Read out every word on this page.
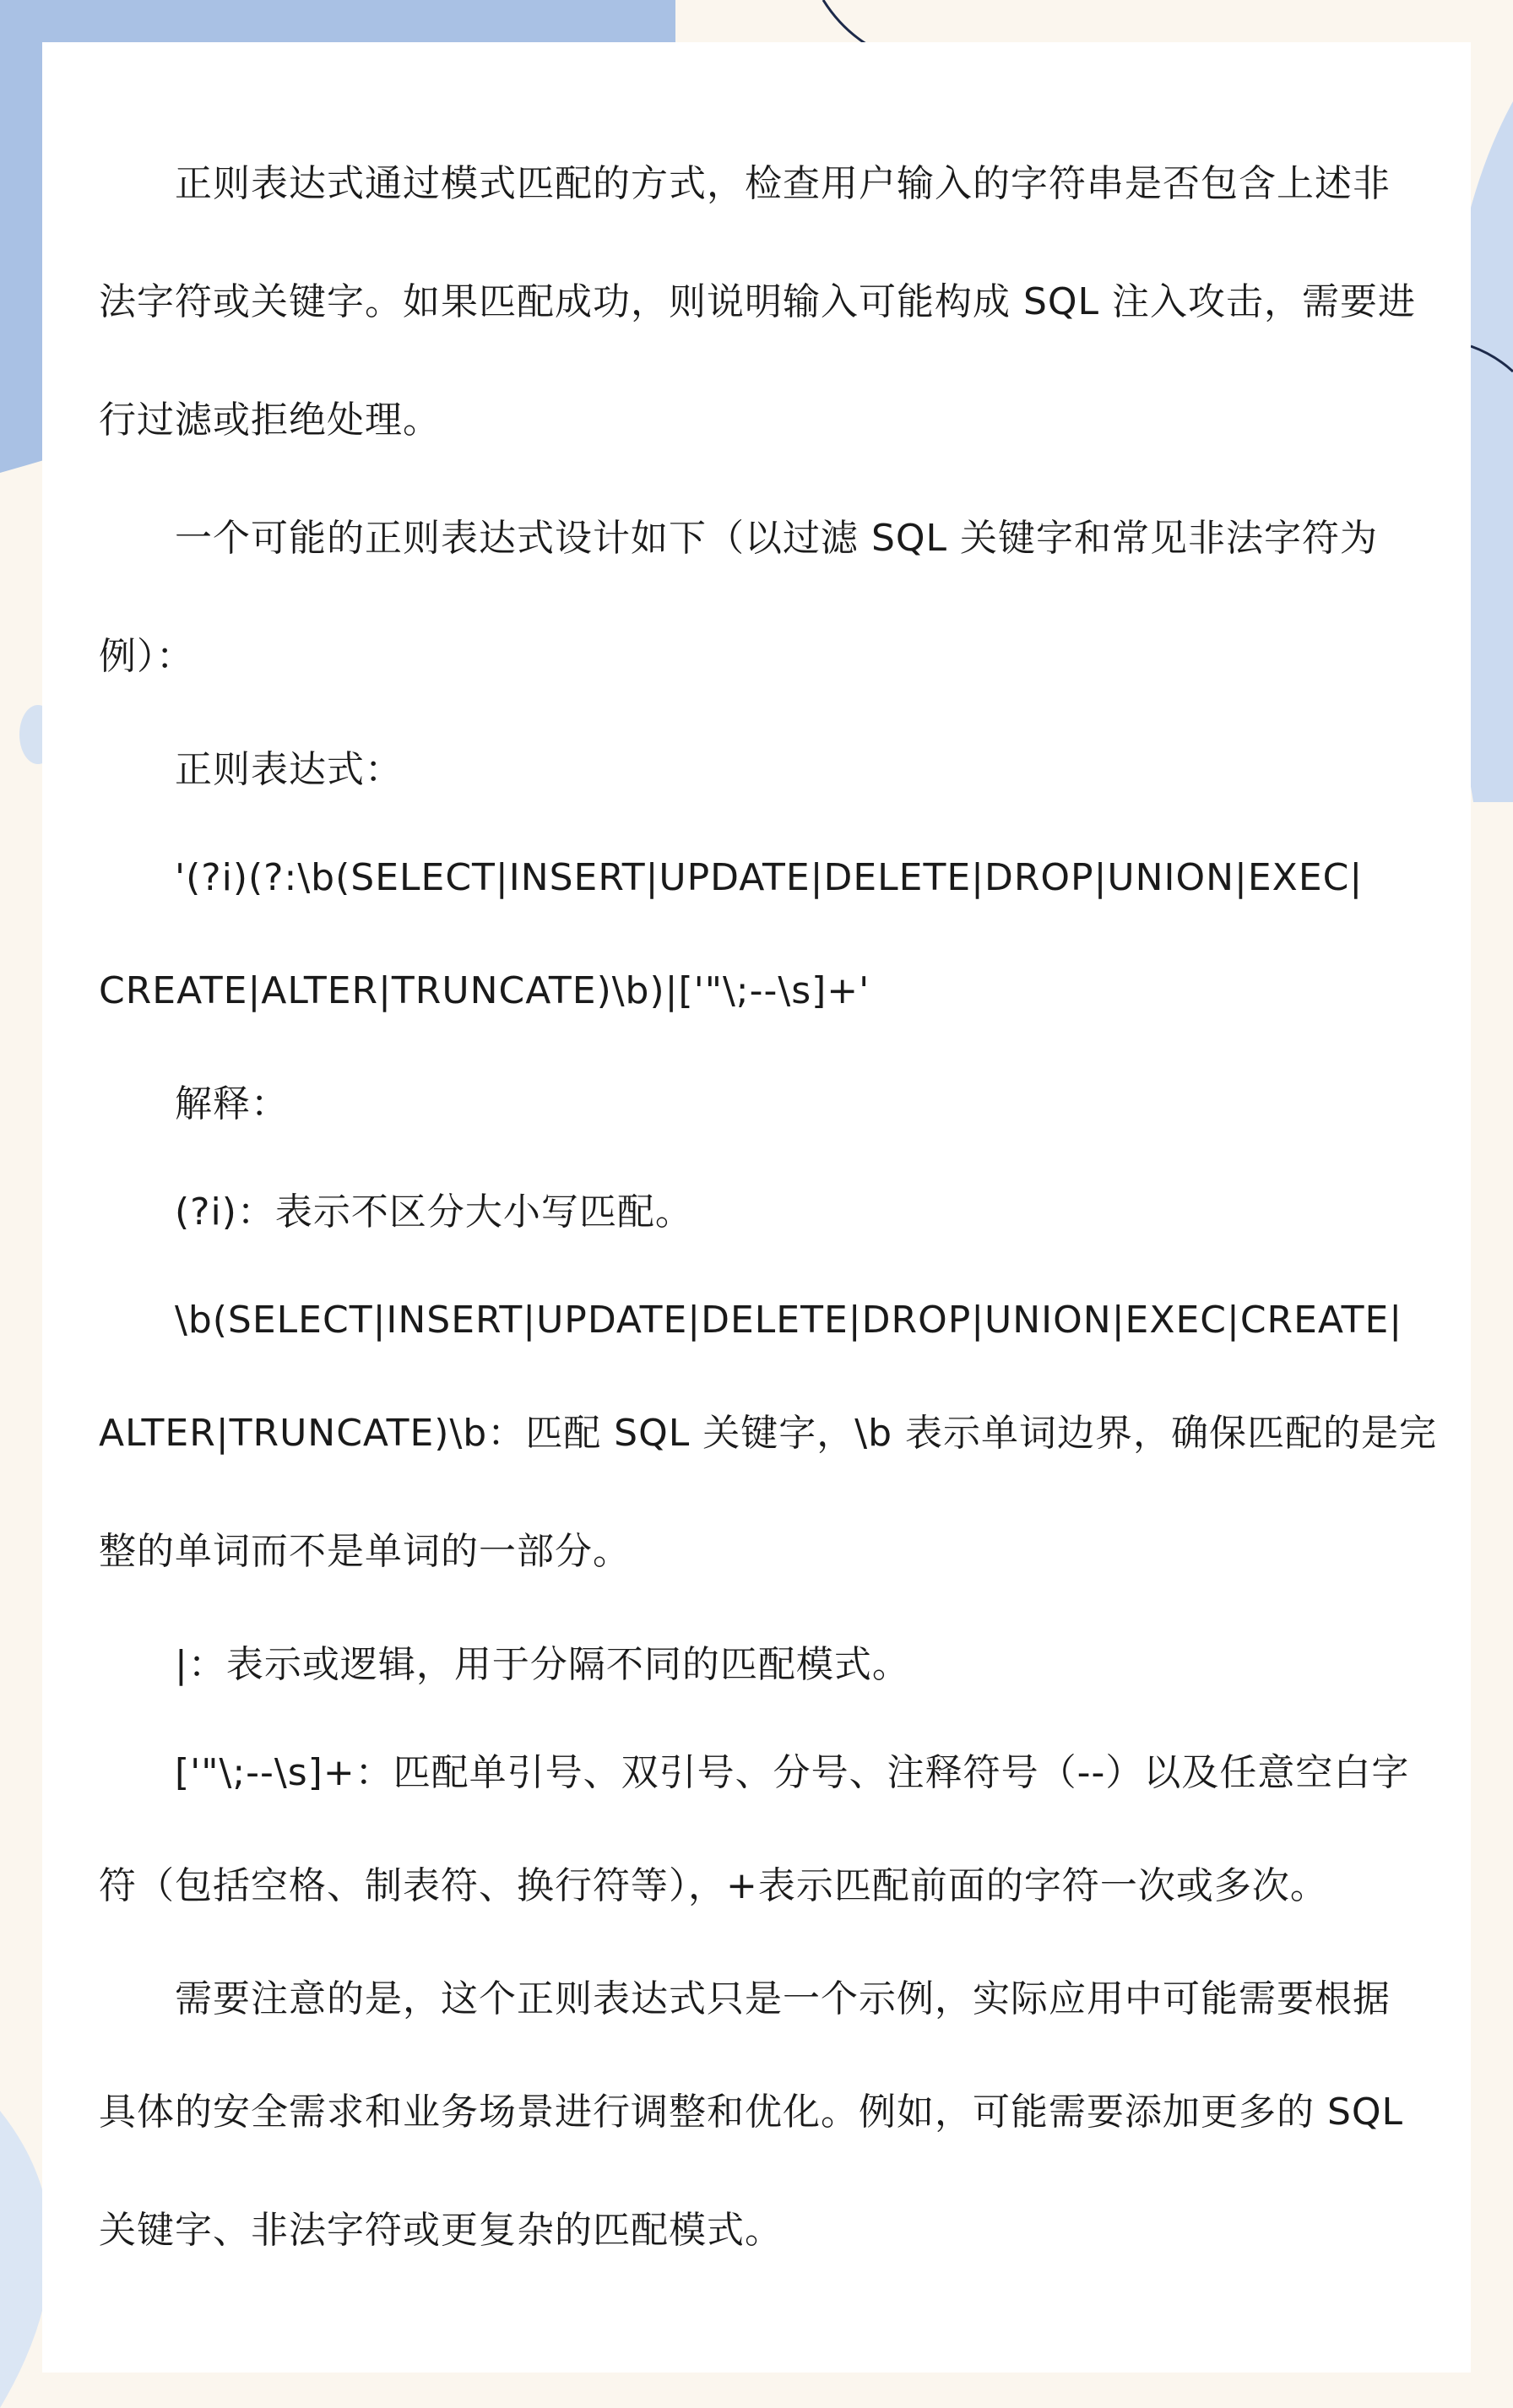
正则表达式通过模式匹配的方式，检查用户输入的字符串是否包含上述非
法字符或关键字。如果匹配成功，则说明输入可能构成 SQL 注入攻击，需要进
行过滤或拒绝处理。
一个可能的正则表达式设计如下（以过滤 SQL 关键字和常见非法字符为
例）：
正则表达式：
'(?i)(?:\b(SELECT|INSERT|UPDATE|DELETE|DROP|UNION|EXEC|
CREATE|ALTER|TRUNCATE)\b)|['"\;--\s]+'
解释：
(?i)：表示不区分大小写匹配。
\b(SELECT|INSERT|UPDATE|DELETE|DROP|UNION|EXEC|CREATE|
ALTER|TRUNCATE)\b：匹配 SQL 关键字，\b 表示单词边界，确保匹配的是完
整的单词而不是单词的一部分。
|：表示或逻辑，用于分隔不同的匹配模式。
['"\;--\s]+：匹配单引号、双引号、分号、注释符号（--）以及任意空白字
符（包括空格、制表符、换行符等），+表示匹配前面的字符一次或多次。
需要注意的是，这个正则表达式只是一个示例，实际应用中可能需要根据
具体的安全需求和业务场景进行调整和优化。例如，可能需要添加更多的 SQL
关键字、非法字符或更复杂的匹配模式。
